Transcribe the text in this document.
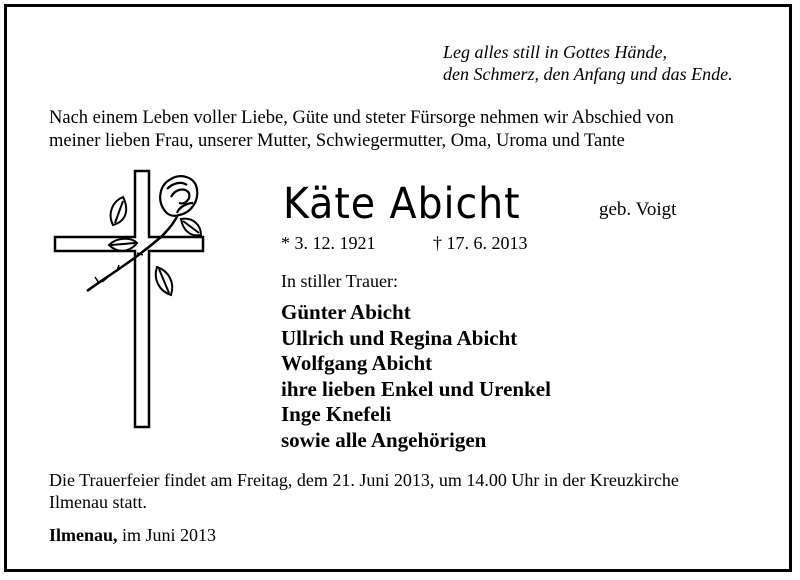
Leg alles still in Gottes Hände,
den Schmerz, den Anfang und das Ende.
Nach einem Leben voller Liebe, Güte und steter Fürsorge nehmen wir Abschied von
meiner lieben Frau, unserer Mutter, Schwiegermutter, Oma, Uroma und Tante
Käte Abicht	geb. Voigt
* 3. 12. 1921	† 17. 6. 2013
In stiller Trauer:
Günter Abicht
Ullrich und Regina Abicht
Wolfgang Abicht
ihre lieben Enkel und Urenkel
Inge Knefeli
sowie alle Angehörigen
Die Trauerfeier findet am Freitag, dem 21. Juni 2013, um 14.00 Uhr in der Kreuzkirche
Ilmenau statt.
Ilmenau, im Juni 2013
